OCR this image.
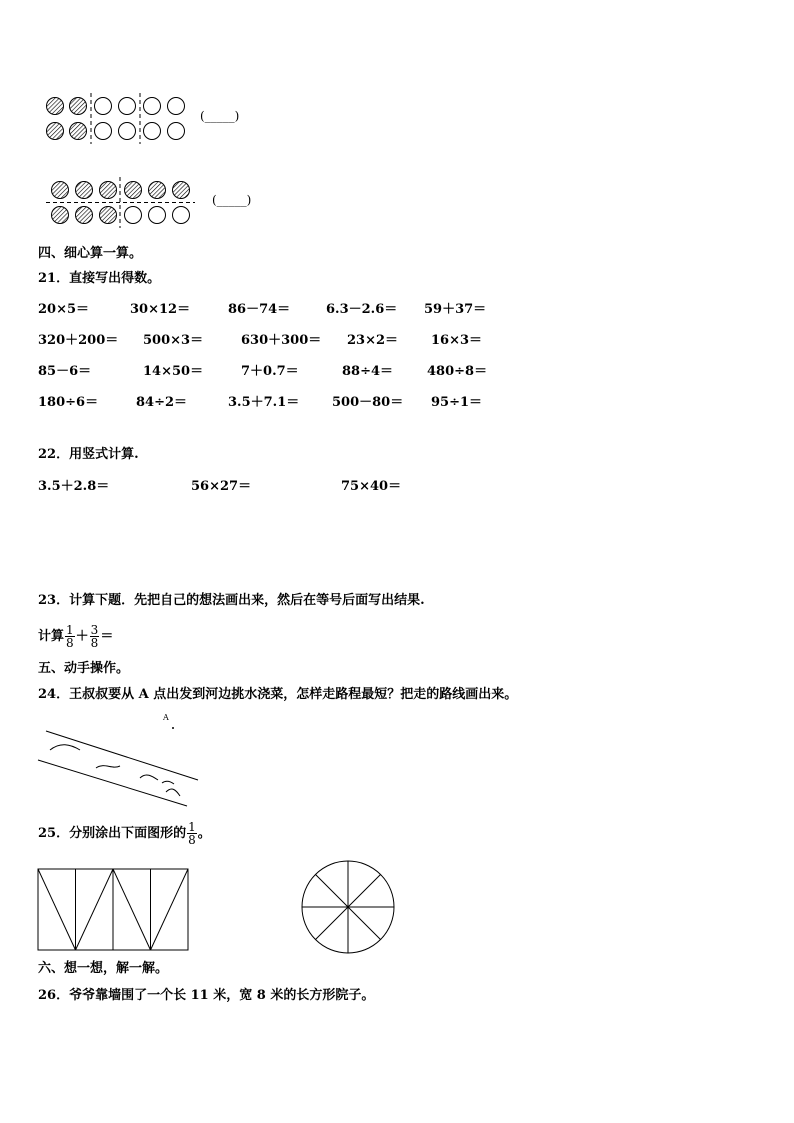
(_____)
(_____)
四、细心算一算。
21．直接写出得数。
20×5＝	30×12＝	86－74＝	6.3－2.6＝ 59＋37＝
320＋200＝ 500×3＝	630＋300＝ 23×2＝	16×3＝
85－6＝	14×50＝	7＋0.7＝	88÷4＝	480÷8＝
180÷6＝	84÷2＝	3.5＋7.1＝	500－80＝ 95÷1＝
22．用竖式计算.
3.5＋2.8＝	56×27＝	75×40＝
23．计算下题．先把自己的想法画出来，然后在等号后面写出结果.
计算 $\frac{1}{8} + \frac{3}{8}$ ＝
五、动手操作。
24．王叔叔要从 A 点出发到河边挑水浇菜，怎样走路程最短？把走的路线画出来。
A
25．分别涂出下面图形的 $\frac{1}{8}$ 。
六、想一想，解一解。
26．爷爷靠墙围了一个长 11 米，宽 8 米的长方形院子。
